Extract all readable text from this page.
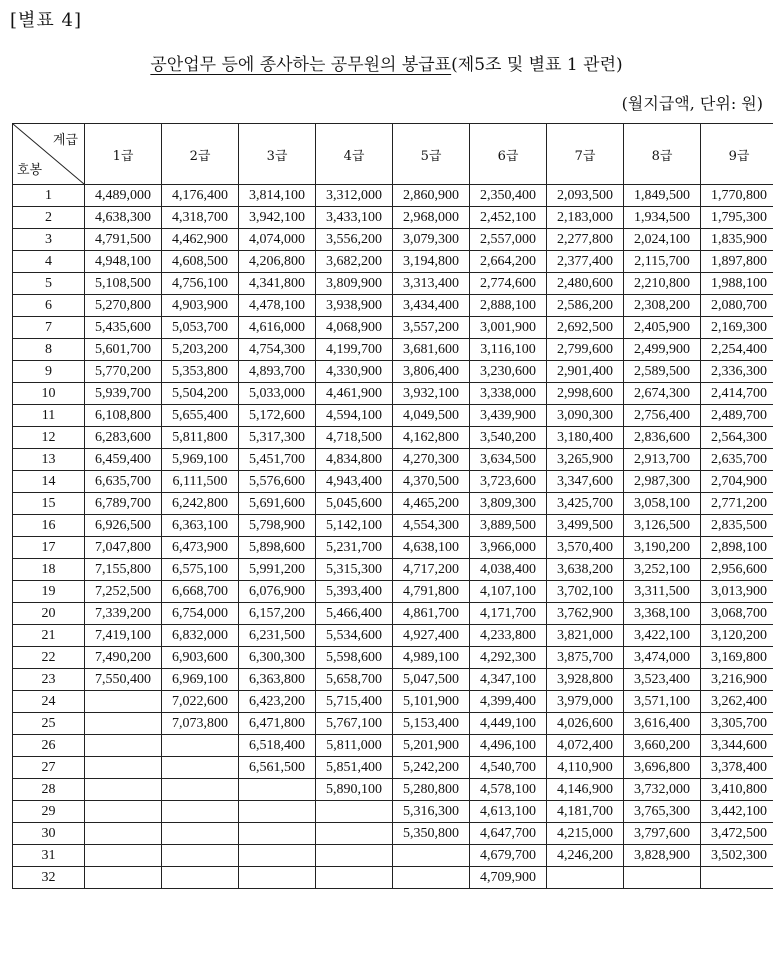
[별표 4]
공안업무 등에 종사하는 공무원의 봉급표(제5조 및 별표 1 관련)
(월지급액, 단위: 원)
계급
호봉	1급	2급	3급	4급	5급	6급	7급	8급	9급
1	4,489,000	4,176,400	3,814,100	3,312,000	2,860,900	2,350,400	2,093,500	1,849,500	1,770,800
2	4,638,300	4,318,700	3,942,100	3,433,100	2,968,000	2,452,100	2,183,000	1,934,500	1,795,300
3	4,791,500	4,462,900	4,074,000	3,556,200	3,079,300	2,557,000	2,277,800	2,024,100	1,835,900
4	4,948,100	4,608,500	4,206,800	3,682,200	3,194,800	2,664,200	2,377,400	2,115,700	1,897,800
5	5,108,500	4,756,100	4,341,800	3,809,900	3,313,400	2,774,600	2,480,600	2,210,800	1,988,100
6	5,270,800	4,903,900	4,478,100	3,938,900	3,434,400	2,888,100	2,586,200	2,308,200	2,080,700
7	5,435,600	5,053,700	4,616,000	4,068,900	3,557,200	3,001,900	2,692,500	2,405,900	2,169,300
8	5,601,700	5,203,200	4,754,300	4,199,700	3,681,600	3,116,100	2,799,600	2,499,900	2,254,400
9	5,770,200	5,353,800	4,893,700	4,330,900	3,806,400	3,230,600	2,901,400	2,589,500	2,336,300
10	5,939,700	5,504,200	5,033,000	4,461,900	3,932,100	3,338,000	2,998,600	2,674,300	2,414,700
11	6,108,800	5,655,400	5,172,600	4,594,100	4,049,500	3,439,900	3,090,300	2,756,400	2,489,700
12	6,283,600	5,811,800	5,317,300	4,718,500	4,162,800	3,540,200	3,180,400	2,836,600	2,564,300
13	6,459,400	5,969,100	5,451,700	4,834,800	4,270,300	3,634,500	3,265,900	2,913,700	2,635,700
14	6,635,700	6,111,500	5,576,600	4,943,400	4,370,500	3,723,600	3,347,600	2,987,300	2,704,900
15	6,789,700	6,242,800	5,691,600	5,045,600	4,465,200	3,809,300	3,425,700	3,058,100	2,771,200
16	6,926,500	6,363,100	5,798,900	5,142,100	4,554,300	3,889,500	3,499,500	3,126,500	2,835,500
17	7,047,800	6,473,900	5,898,600	5,231,700	4,638,100	3,966,000	3,570,400	3,190,200	2,898,100
18	7,155,800	6,575,100	5,991,200	5,315,300	4,717,200	4,038,400	3,638,200	3,252,100	2,956,600
19	7,252,500	6,668,700	6,076,900	5,393,400	4,791,800	4,107,100	3,702,100	3,311,500	3,013,900
20	7,339,200	6,754,000	6,157,200	5,466,400	4,861,700	4,171,700	3,762,900	3,368,100	3,068,700
21	7,419,100	6,832,000	6,231,500	5,534,600	4,927,400	4,233,800	3,821,000	3,422,100	3,120,200
22	7,490,200	6,903,600	6,300,300	5,598,600	4,989,100	4,292,300	3,875,700	3,474,000	3,169,800
23	7,550,400	6,969,100	6,363,800	5,658,700	5,047,500	4,347,100	3,928,800	3,523,400	3,216,900
24		7,022,600	6,423,200	5,715,400	5,101,900	4,399,400	3,979,000	3,571,100	3,262,400
25		7,073,800	6,471,800	5,767,100	5,153,400	4,449,100	4,026,600	3,616,400	3,305,700
26			6,518,400	5,811,000	5,201,900	4,496,100	4,072,400	3,660,200	3,344,600
27			6,561,500	5,851,400	5,242,200	4,540,700	4,110,900	3,696,800	3,378,400
28				5,890,100	5,280,800	4,578,100	4,146,900	3,732,000	3,410,800
29					5,316,300	4,613,100	4,181,700	3,765,300	3,442,100
30					5,350,800	4,647,700	4,215,000	3,797,600	3,472,500
31						4,679,700	4,246,200	3,828,900	3,502,300
32						4,709,900			
